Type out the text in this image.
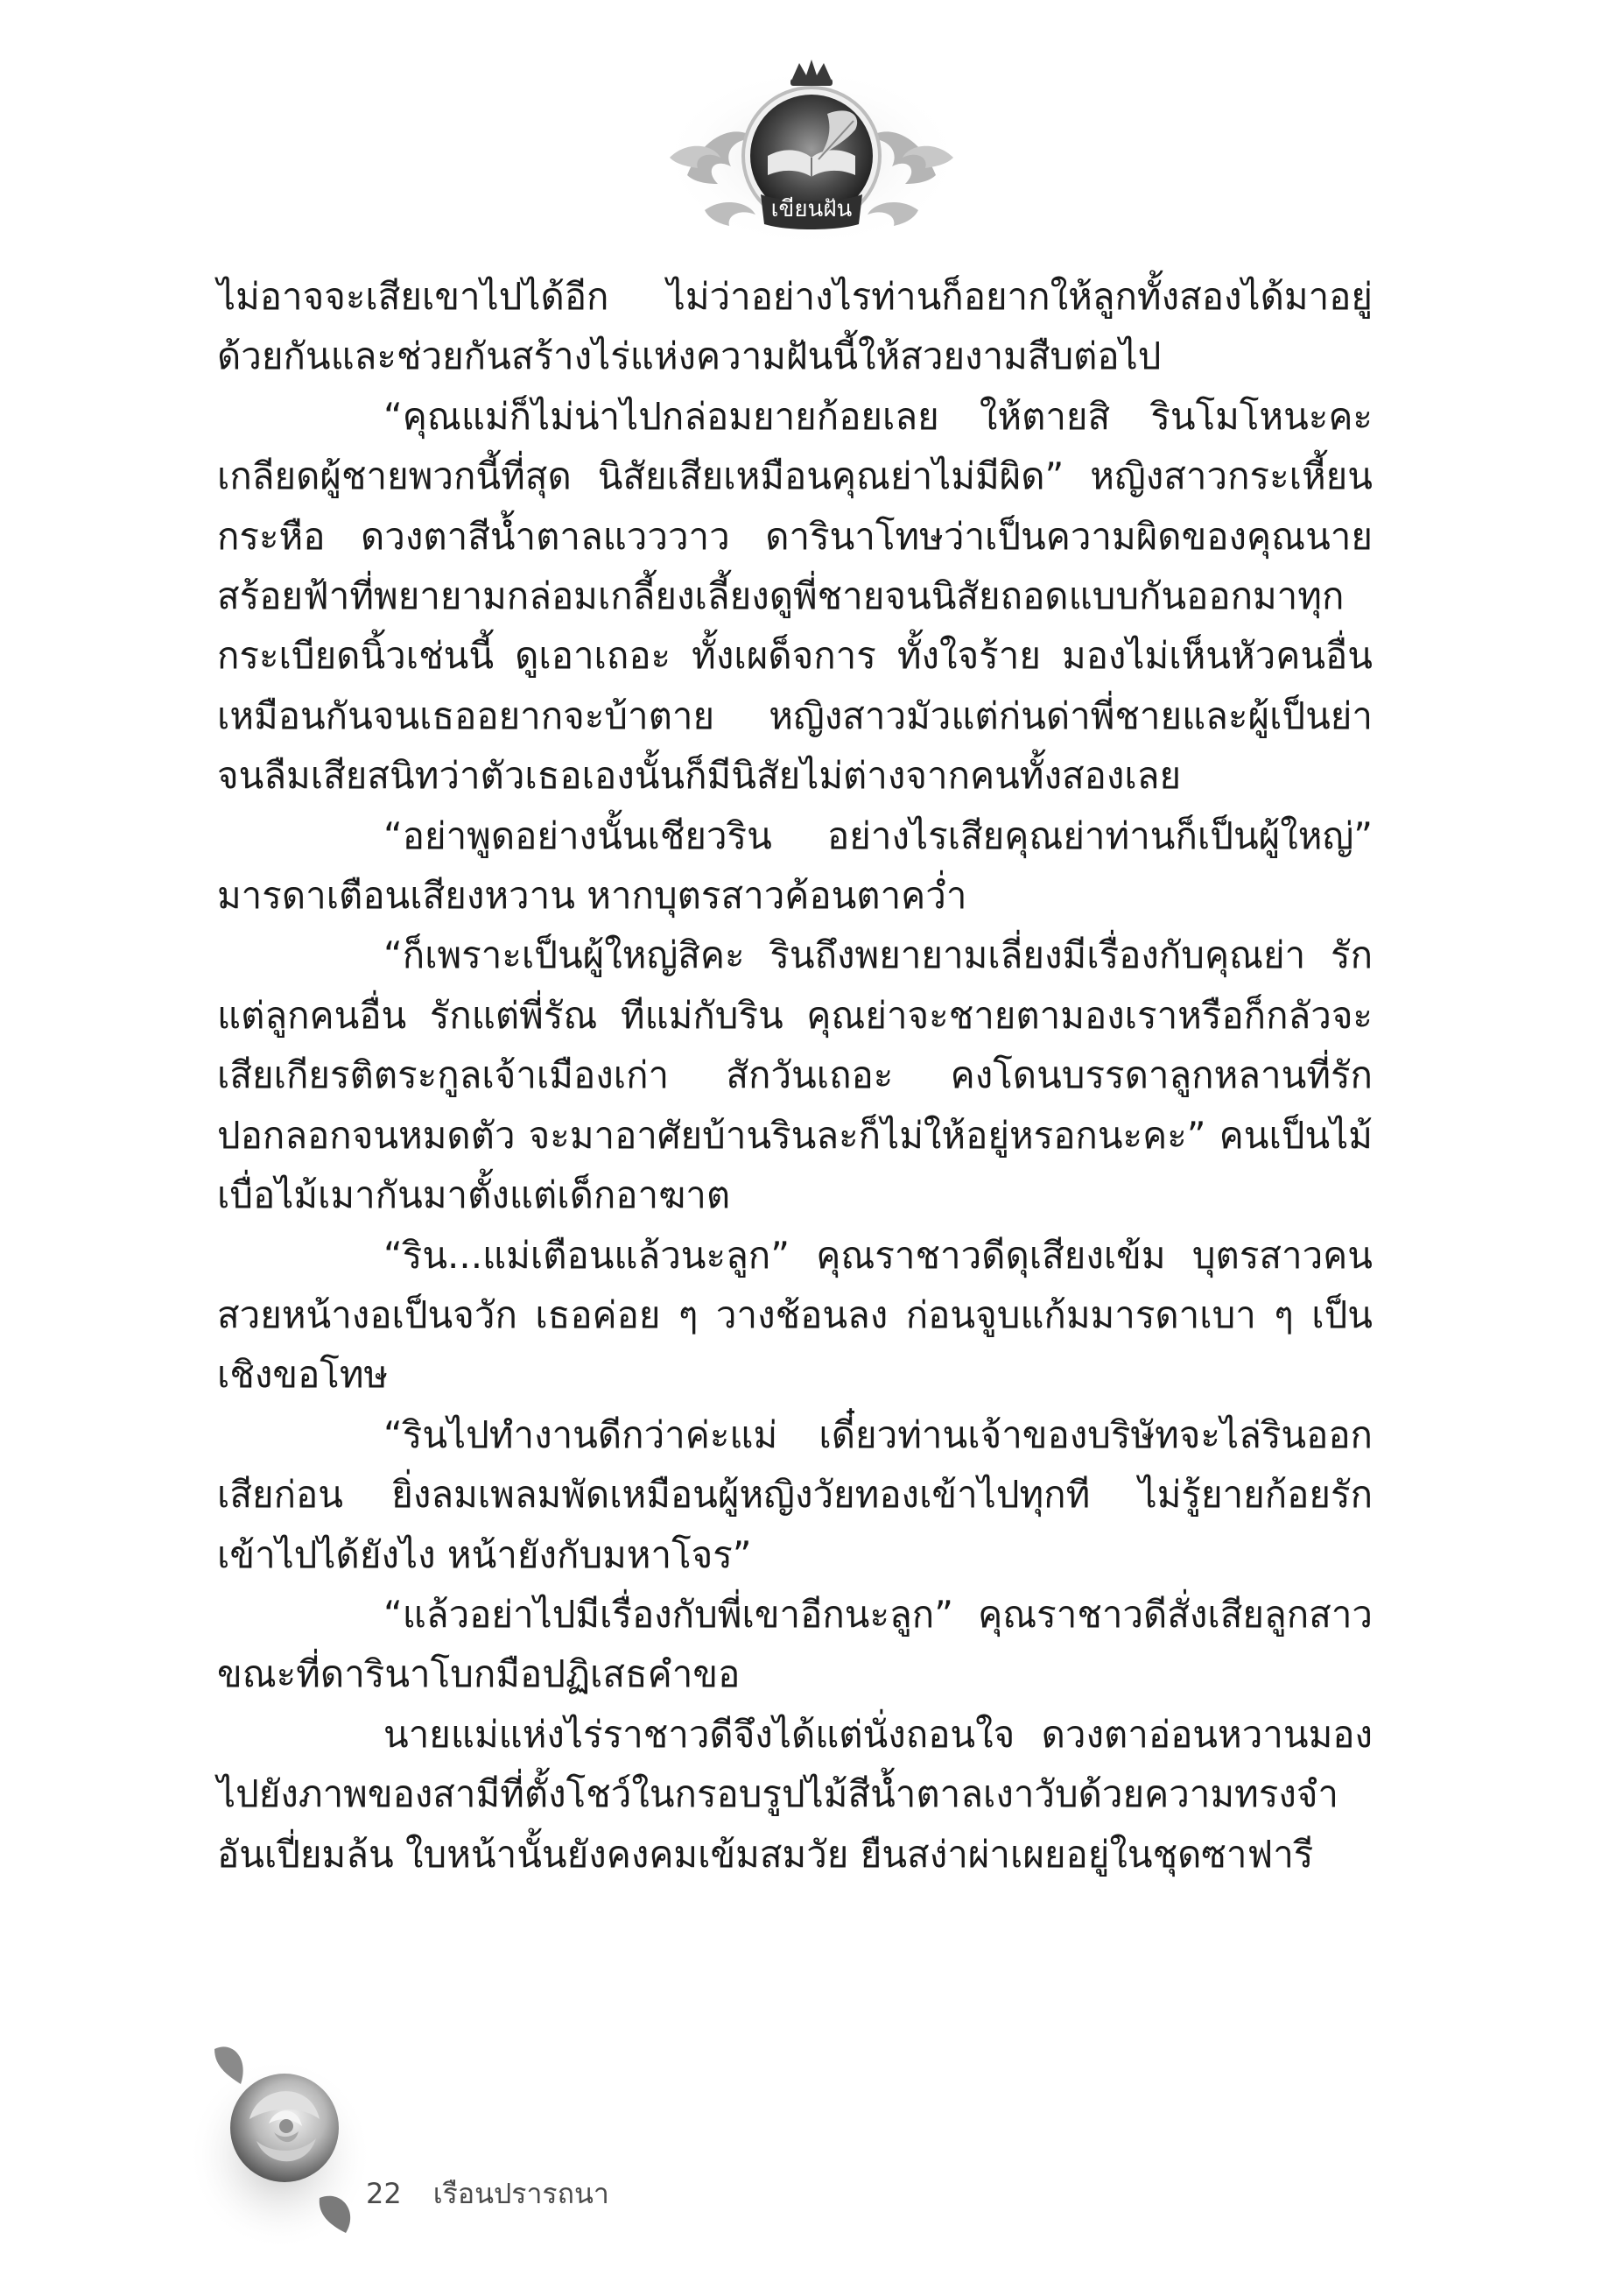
เขียนฝัน

ไม่อาจจะเสียเขาไปได้อีก ไม่ว่าอย่างไรท่านก็อยากให้ลูกทั้งสองได้มาอยู่ด้วยกันและช่วยกันสร้างไร่แห่งความฝันนี้ให้สวยงามสืบต่อไป

“คุณแม่ก็ไม่น่าไปกล่อมยายก้อยเลย ให้ตายสิ รินโมโหนะคะ เกลียดผู้ชายพวกนี้ที่สุด นิสัยเสียเหมือนคุณย่าไม่มีผิด” หญิงสาวกระเหี้ยนกระหือ ดวงตาสีน้ำตาลแวววาว ดารินาโทษว่าเป็นความผิดของคุณนายสร้อยฟ้าที่พยายามกล่อมเกลี้ยงเลี้ยงดูพี่ชายจนนิสัยถอดแบบกันออกมาทุกกระเบียดนิ้วเช่นนี้ ดูเอาเถอะ ทั้งเผด็จการ ทั้งใจร้าย มองไม่เห็นหัวคนอื่นเหมือนกันจนเธออยากจะบ้าตาย หญิงสาวมัวแต่ก่นด่าพี่ชายและผู้เป็นย่าจนลืมเสียสนิทว่าตัวเธอเองนั้นก็มีนิสัยไม่ต่างจากคนทั้งสองเลย

“อย่าพูดอย่างนั้นเชียวริน อย่างไรเสียคุณย่าท่านก็เป็นผู้ใหญ่” มารดาเตือนเสียงหวาน หากบุตรสาวค้อนตาคว่ำ

“ก็เพราะเป็นผู้ใหญ่สิคะ รินถึงพยายามเลี่ยงมีเรื่องกับคุณย่า รักแต่ลูกคนอื่น รักแต่พี่รัณ ทีแม่กับริน คุณย่าจะชายตามองเราหรือก็กลัวจะเสียเกียรติตระกูลเจ้าเมืองเก่า สักวันเถอะ คงโดนบรรดาลูกหลานที่รักปอกลอกจนหมดตัว จะมาอาศัยบ้านรินละก็ไม่ให้อยู่หรอกนะคะ” คนเป็นไม้เบื่อไม้เมากันมาตั้งแต่เด็กอาฆาต

“ริน...แม่เตือนแล้วนะลูก” คุณราชาวดีดุเสียงเข้ม บุตรสาวคนสวยหน้างอเป็นจวัก เธอค่อย ๆ วางช้อนลง ก่อนจูบแก้มมารดาเบา ๆ เป็นเชิงขอโทษ

“รินไปทำงานดีกว่าค่ะแม่ เดี๋ยวท่านเจ้าของบริษัทจะไล่รินออกเสียก่อน ยิ่งลมเพลมพัดเหมือนผู้หญิงวัยทองเข้าไปทุกที ไม่รู้ยายก้อยรักเข้าไปได้ยังไง หน้ายังกับมหาโจร”

“แล้วอย่าไปมีเรื่องกับพี่เขาอีกนะลูก” คุณราชาวดีสั่งเสียลูกสาวขณะที่ดารินาโบกมือปฏิเสธคำขอ

นายแม่แห่งไร่ราชาวดีจึงได้แต่นั่งถอนใจ ดวงตาอ่อนหวานมองไปยังภาพของสามีที่ตั้งโชว์ในกรอบรูปไม้สีน้ำตาลเงาวับด้วยความทรงจำอันเปี่ยมล้น ใบหน้านั้นยังคงคมเข้มสมวัย ยืนสง่าผ่าเผยอยู่ในชุดซาฟารี

22 เรือนปรารถนา
